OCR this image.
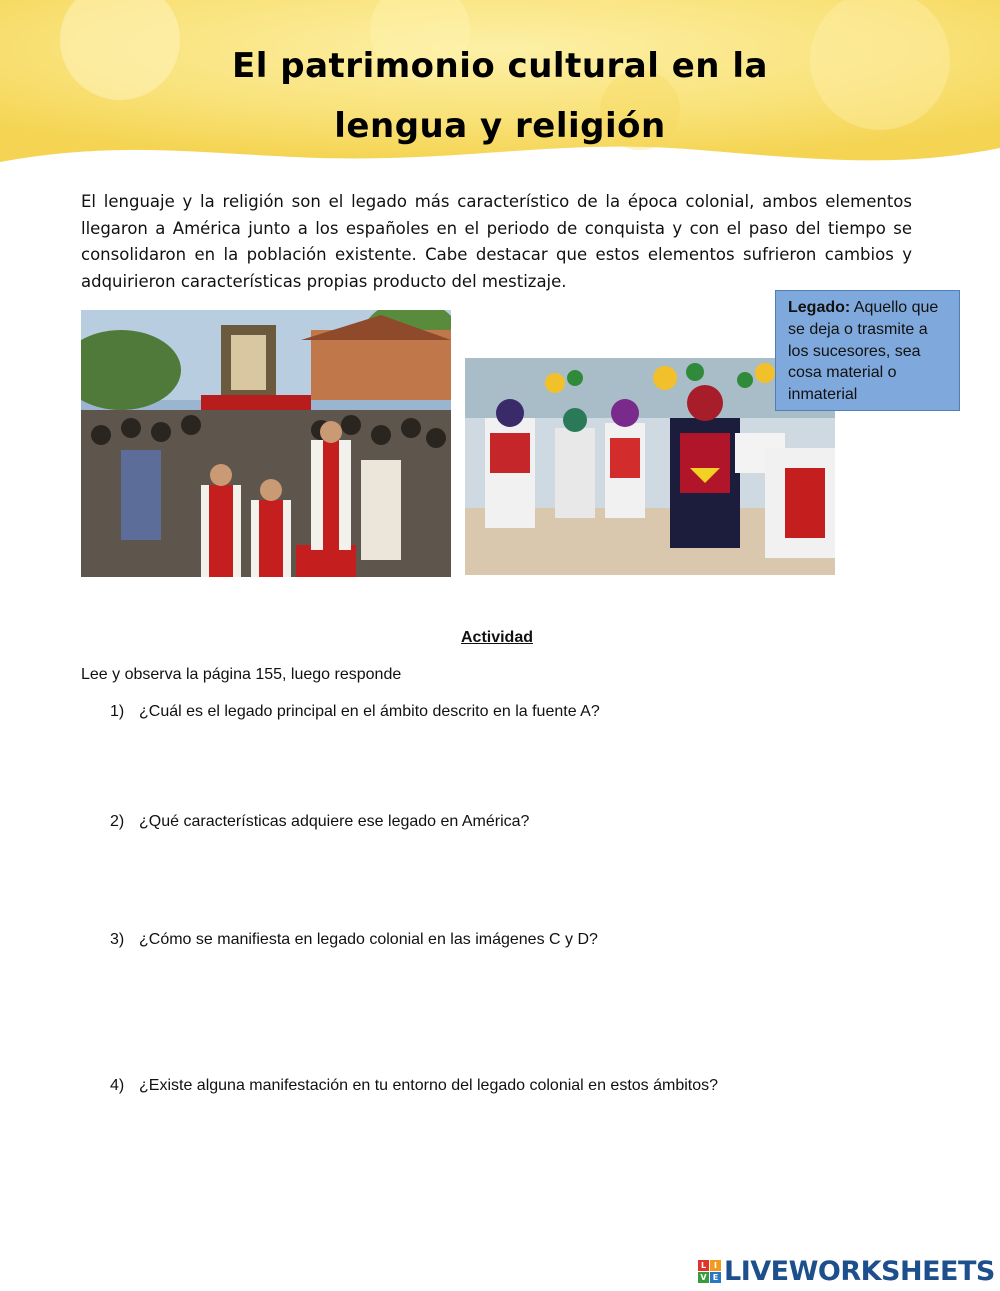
El patrimonio cultural en la
lengua y religión
El lenguaje y la religión son el legado más característico de la época colonial, ambos elementos llegaron a América junto a los españoles en el periodo de conquista y con el paso del tiempo se consolidaron en la población existente. Cabe destacar que estos elementos sufrieron cambios y adquirieron características propias producto del mestizaje.
Legado: Aquello que se deja o trasmite a los sucesores, sea cosa material o inmaterial
Actividad
Lee y observa la página 155, luego responde
1) ¿Cuál es el legado principal en el ámbito descrito en la fuente A?
2) ¿Qué características adquiere ese legado en América?
3) ¿Cómo se manifiesta en legado colonial en las imágenes C y D?
4) ¿Existe alguna manifestación en tu entorno del legado colonial en estos ámbitos?
L I
V E LIVEWORKSHEETS
